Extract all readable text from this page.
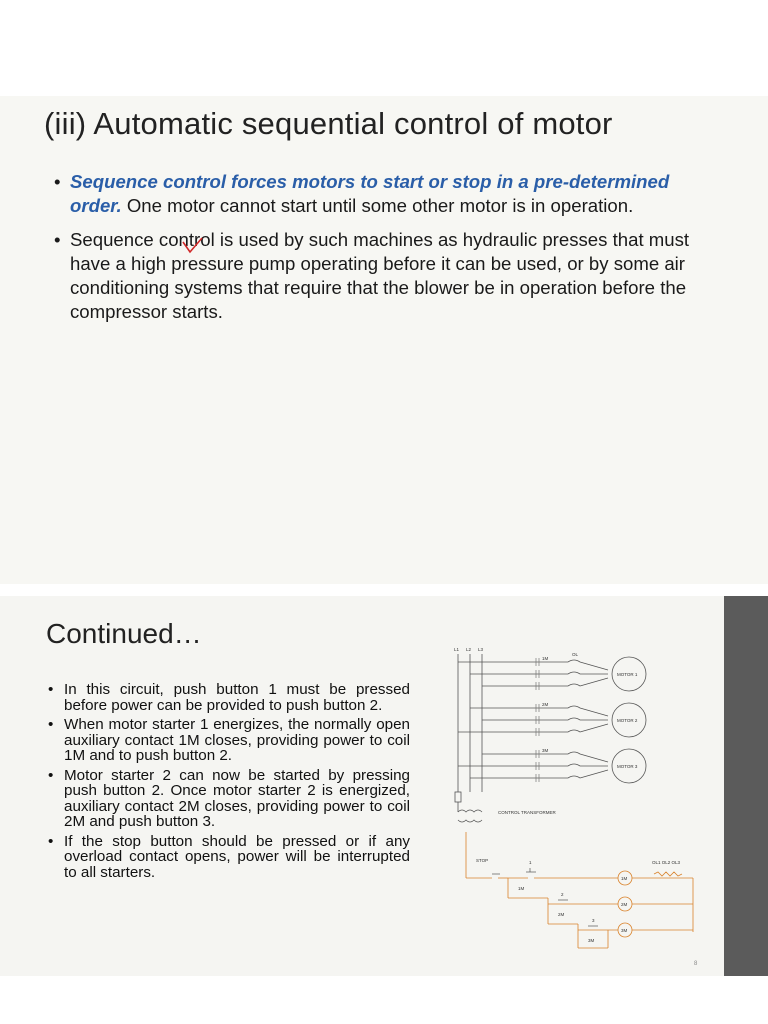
(iii) Automatic sequential control of motor
• Sequence control forces motors to start or stop in a pre-determined order. One motor cannot start until some other motor is in operation.
• Sequence control is used by such machines as hydraulic presses that must have a high pressure pump operating before it can be used, or by some air conditioning systems that require that the blower be in operation before the compressor starts.
Continued…
• In this circuit, push button 1 must be pressed before power can be provided to push button 2.
• When motor starter 1 energizes, the normally open auxiliary contact 1M closes, providing power to coil 1M and to push button 2.
• Motor starter 2 can now be started by pressing push button 2. Once motor starter 2 is energized, auxiliary contact 2M closes, providing power to coil 2M and push button 3.
• If the stop button should be pressed or if any overload contact opens, power will be interrupted to all starters.
L1 L2 L3
1M
2M
3M
OL
MOTOR 1
MOTOR 2
MOTOR 3
CONTROL TRANSFORMER
STOP	1
2
3
1M
2M
3M
1M
2M
3M
OL1 OL2 OL3
8
